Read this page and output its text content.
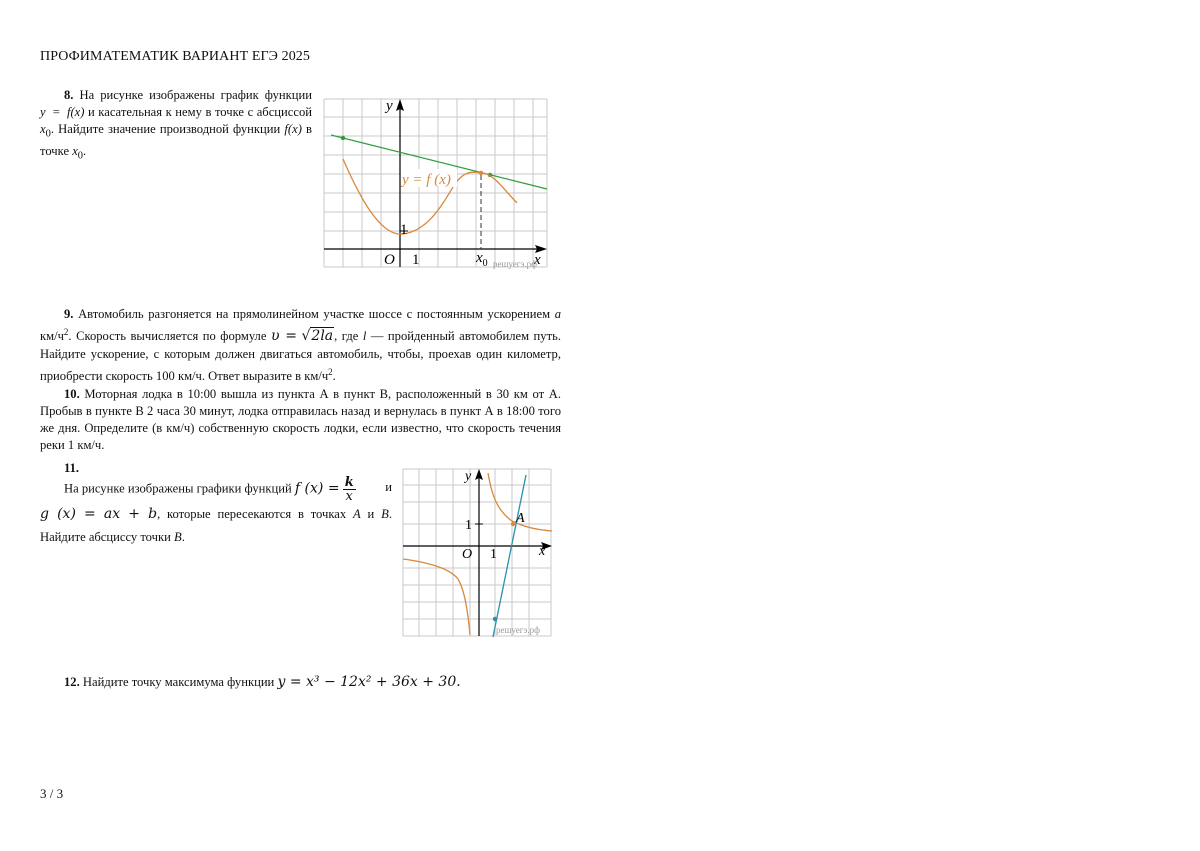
ПРОФИМАТЕМАТИК ВАРИАНТ ЕГЭ 2025
8. На рисунке изображены график функции y = f(x) и касательная к нему в точке с абсциссой $x_0$. Найдите значение производной функции f(x) в точке $x_0$.
y = f (x)
y
x
O 1
1
$x_0$ решуегэ.рф
9. Автомобиль разгоняется на прямолинейном участке шоссе с постоянным ускорением a $км/ч^2$. Скорость вычисляется по формуле υ = √2la, где l — пройденный автомобилем путь. Найдите ускорение, с которым должен двигаться автомобиль, чтобы, проехав один километр, приобрести скорость 100 км/ч. Ответ выразите в $км/ч^2$.
10. Моторная лодка в 10:00 вышла из пункта А в пункт В, расположенный в 30 км от А. Пробыв в пункте В 2 часа 30 минут, лодка отправилась назад и вернулась в пункт А в 18:00 того же дня. Определите (в км/ч) собственную скорость лодки, если известно, что скорость течения реки 1 км/ч.
11.
На рисунке изображены графики функций f $(x) = \frac{k}{x}$ и

g (x) = ax + b, которые пересекаются в точках A и B. Найдите абсциссу точки B.
A
y
x
O 1
1
решуегэ.рф
12. Найдите точку максимума функции y = x³ − 12x² + 36x + 30.
3 / 3
